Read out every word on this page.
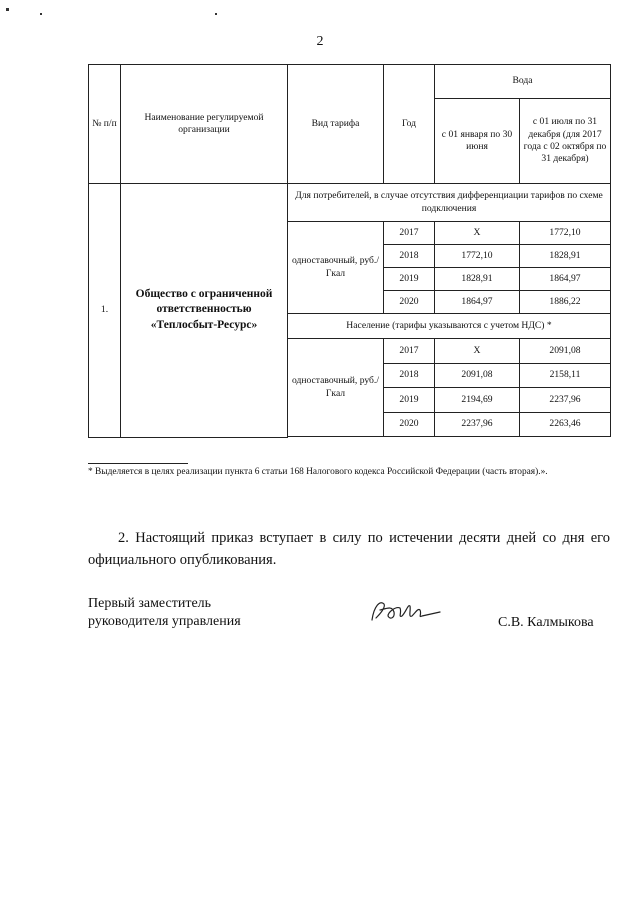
2
№ п/п	Наименование регулируемой организации	Вид тарифа	Год	Вода	
				с 01 января по 30 июня	с 01 июля по 31 декабря (для 2017 года с 02 октября по 31 декабря)
1.	Общество с ограниченной ответственностью «Теплосбыт-Ресурс»	Для потребителей, в случае отсутствия дифференциации тарифов по схеме подключения			
		одноставочный, руб./Гкал	2017	X	1772,10
			2018	1772,10	1828,91
			2019	1828,91	1864,97
			2020	1864,97	1886,22
		Население (тарифы указываются с учетом НДС) *			
		одноставочный, руб./Гкал	2017	X	2091,08
			2018	2091,08	2158,11
			2019	2194,69	2237,96
			2020	2237,96	2263,46

* Выделяется в целях реализации пункта 6 статьи 168 Налогового кодекса Российской Федерации (часть вторая).».
2. Настоящий приказ вступает в силу по истечении десяти дней со дня его официального опубликования.
Первый заместитель
руководителя управления	С.В. Калмыкова
